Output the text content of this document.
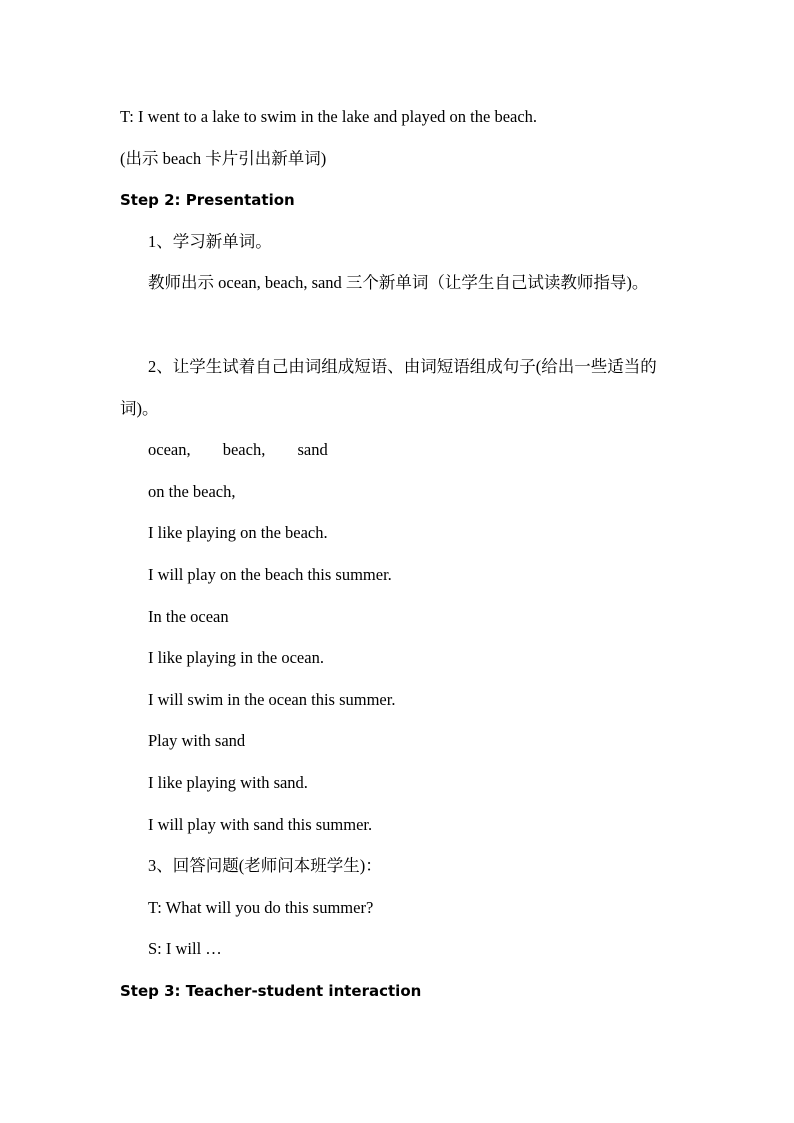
T: I went to a lake to swim in the lake and played on the beach.
(出示 beach 卡片引出新单词)
Step 2: Presentation
1、学习新单词。
教师出示 ocean, beach, sand 三个新单词（让学生自己试读教师指导)。
2、让学生试着自己由词组成短语、由词短语组成句子(给出一些适当的词)。
ocean, beach, sand
on the beach,
I like playing on the beach.
I will play on the beach this summer.
In the ocean
I like playing in the ocean.
I will swim in the ocean this summer.
Play with sand
I like playing with sand.
I will play with sand this summer.
3、回答问题(老师问本班学生)：
T: What will you do this summer?
S: I will …
Step 3: Teacher-student interaction
